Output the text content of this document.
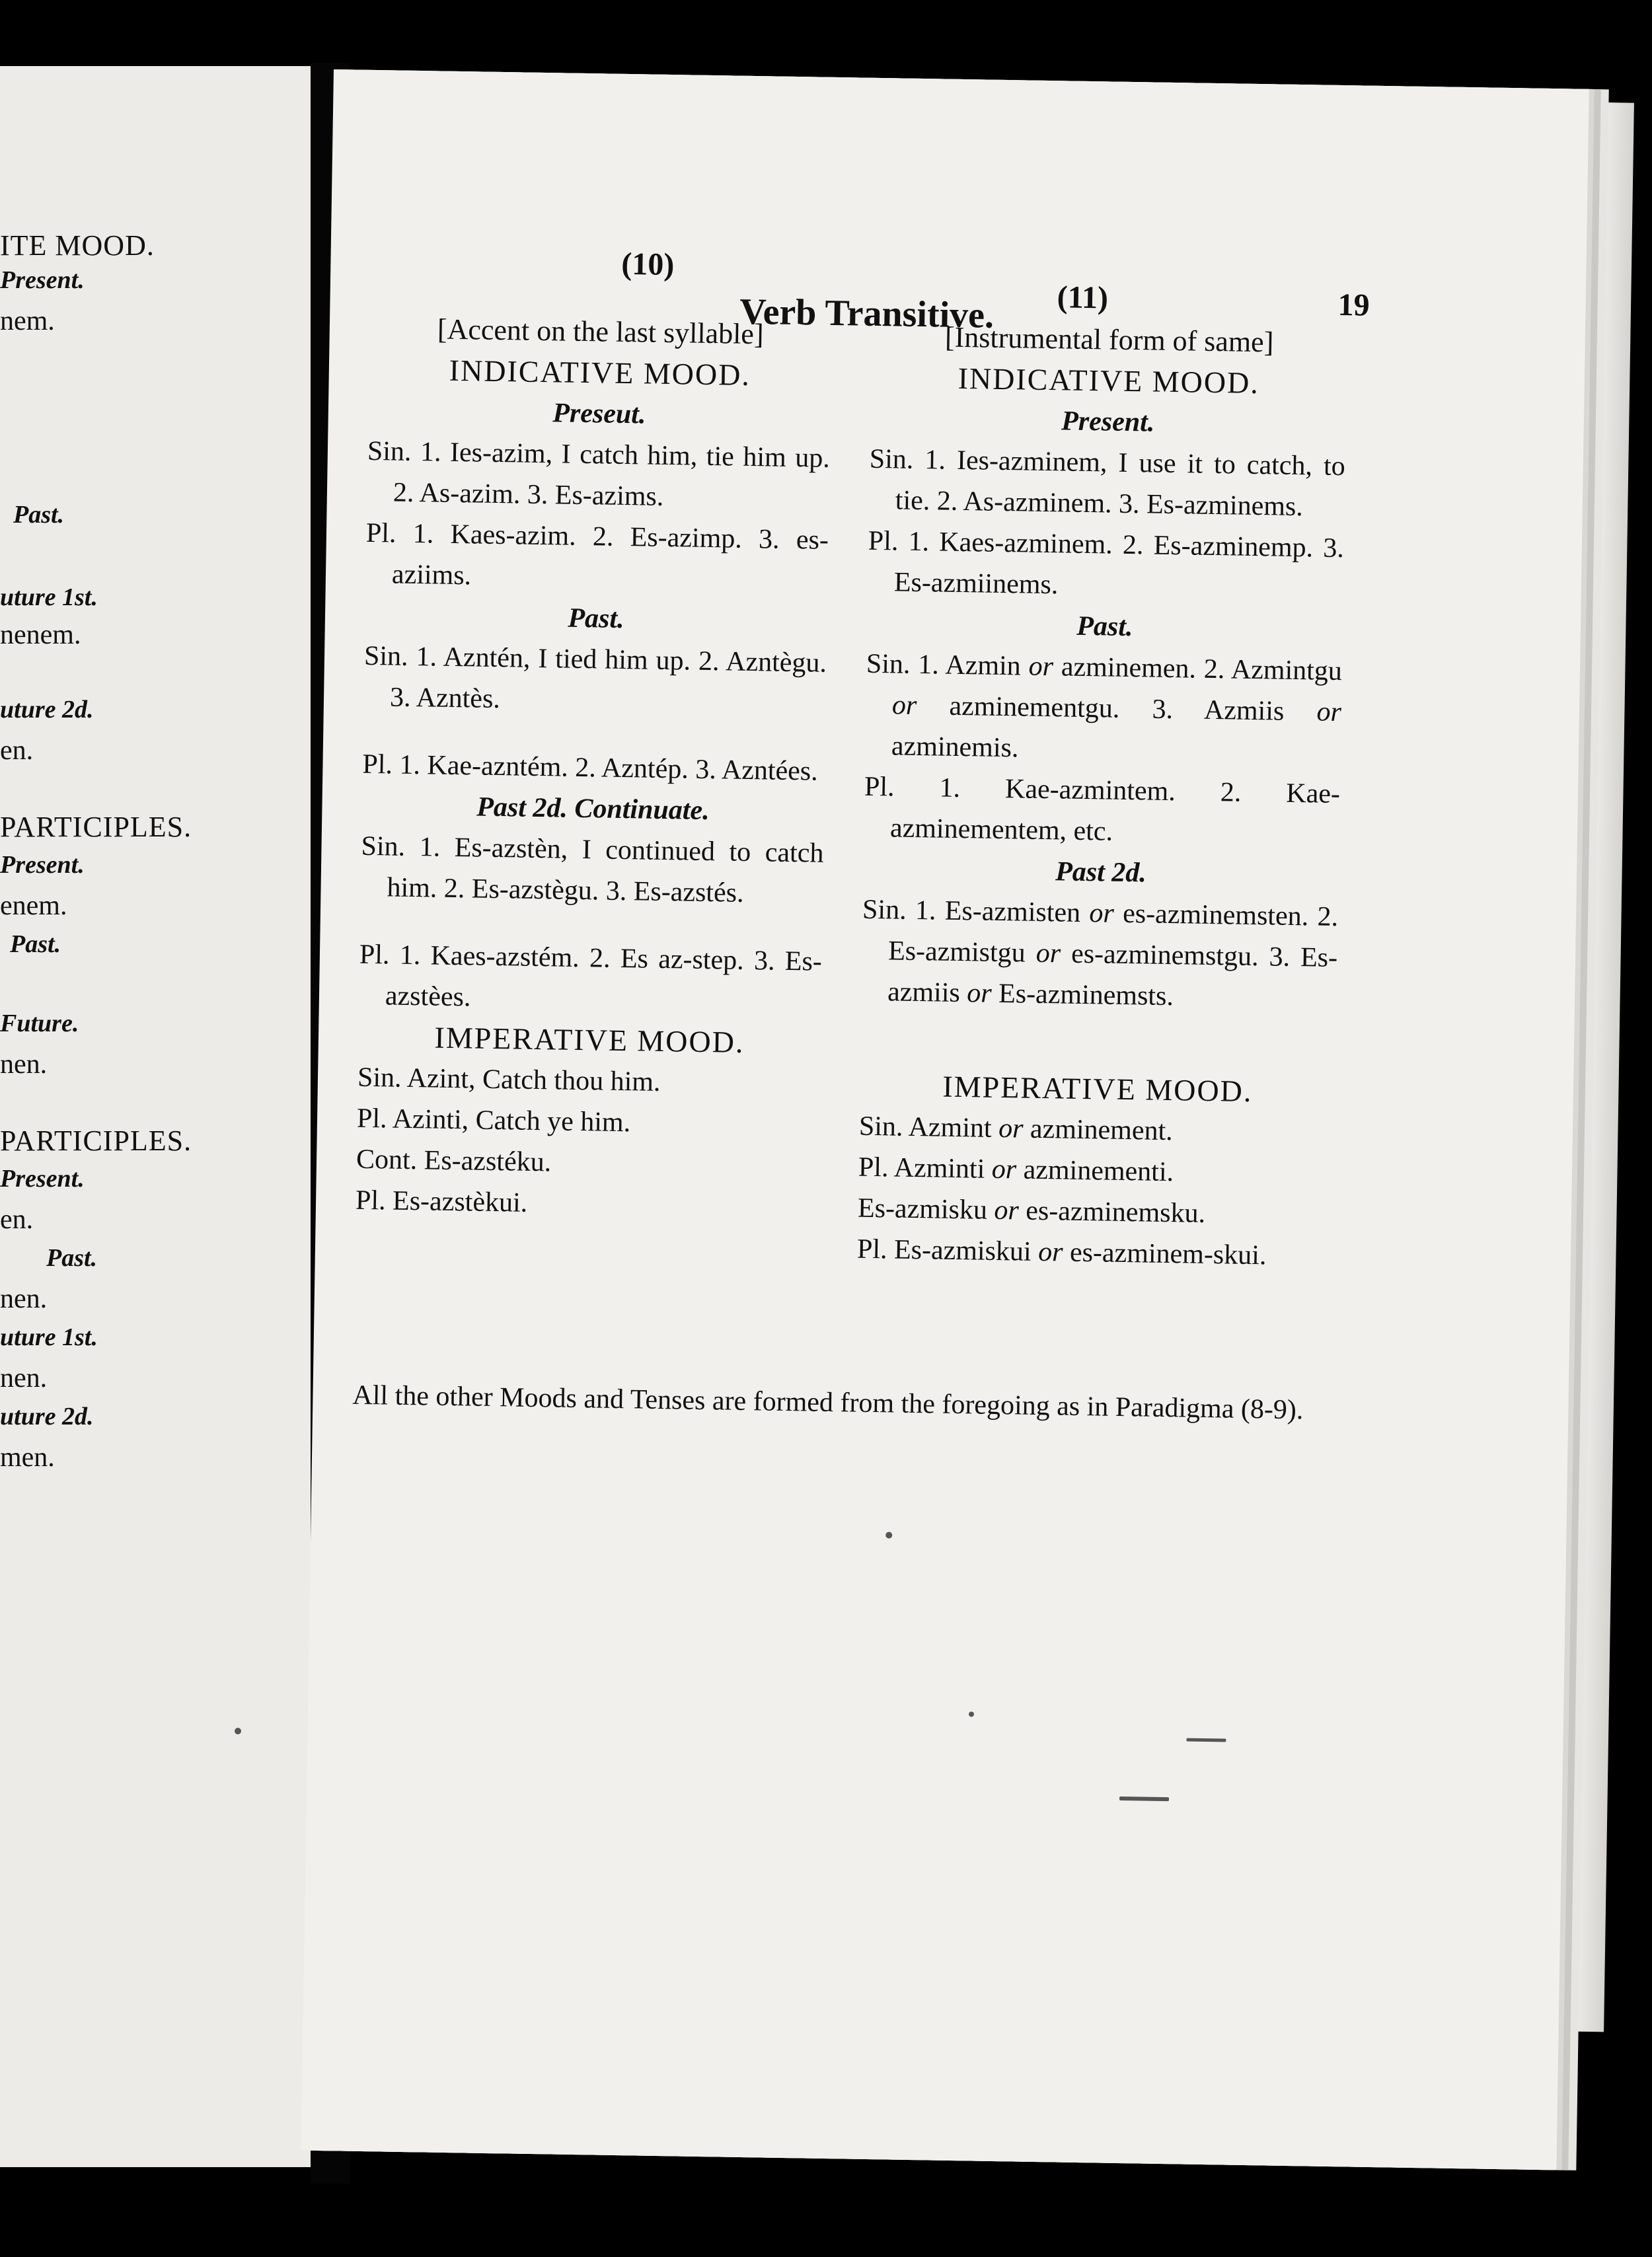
ITE MOOD.
Present.
nem.
Past.
uture 1st.
nenem.
uture 2d.
en.
PARTICIPLES.
Present.
enem.
Past.
Future.
nen.
PARTICIPLES.
Present.
en.
Past.
nen.
uture 1st.
nen.
uture 2d.
men.
(10)
(11)	19
Verb Transitive.

[Accent on the last syllable]

INDICATIVE MOOD.

Preseut.

Sin. 1. Ies-azim, I catch him, tie him up. 2. As-azim. 3. Es-azims.

Pl. 1. Kaes-azim. 2. Es-azimp. 3. es-aziims.

Past.

Sin. 1. Azntén, I tied him up. 2. Azntègu. 3. Azntès.

Pl. 1. Kae-azntém. 2. Azntép. 3. Azntées.

Past 2d. Continuate.

Sin. 1. Es-azstèn, I continued to catch him. 2. Es-azstègu. 3. Es-azstés.

Pl. 1. Kaes-azstém. 2. Es az-step. 3. Es-azstèes.

IMPERATIVE MOOD.

Sin. Azint, Catch thou him.

Pl. Azinti, Catch ye him.

Cont. Es-azstéku.

Pl. Es-azstèkui.

[Instrumental form of same]

INDICATIVE MOOD.

Present.

Sin. 1. Ies-azminem, I use it to catch, to tie. 2. As-azminem. 3. Es-azminems.

Pl. 1. Kaes-azminem. 2. Es-azminemp. 3. Es-azmiinems.

Past.

Sin. 1. Azmin or azminemen. 2. Azmintgu or azminementgu. 3. Azmiis or azminemis.

Pl. 1. Kae-azmintem. 2. Kae-azminementem, etc.

Past 2d.

Sin. 1. Es-azmisten or es-azminemsten. 2. Es-azmistgu or es-azminemstgu. 3. Es-azmiis or Es-azminemsts.

IMPERATIVE MOOD.

Sin. Azmint or azminement.

Pl. Azminti or azminementi.

Es-azmisku or es-azminemsku.

Pl. Es-azmiskui or es-azminem-skui.

All the other Moods and Tenses are formed from the foregoing as in Paradigma (8-9).
